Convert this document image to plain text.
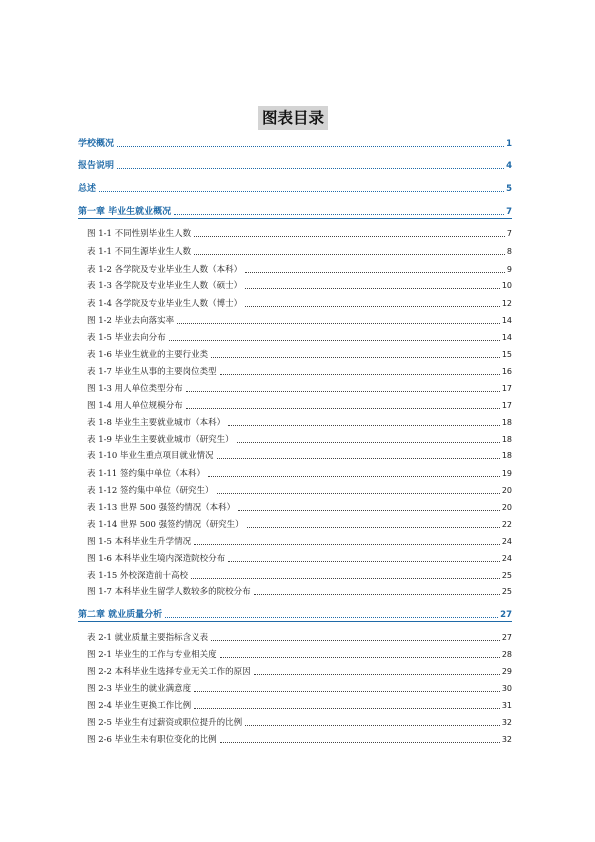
图表目录
学校概况	1
报告说明	4
总述	5
第一章 毕业生就业概况	7
图 1-1 不同性别毕业生人数	7
表 1-1 不同生源毕业生人数	8
表 1-2 各学院及专业毕业生人数（本科）	9
表 1-3 各学院及专业毕业生人数（硕士）	10
表 1-4 各学院及专业毕业生人数（博士）	12
图 1-2 毕业去向落实率	14
表 1-5 毕业去向分布	14
表 1-6 毕业生就业的主要行业类	15
表 1-7 毕业生从事的主要岗位类型	16
图 1-3 用人单位类型分布	17
图 1-4 用人单位规模分布	17
表 1-8 毕业生主要就业城市（本科）	18
表 1-9 毕业生主要就业城市（研究生）	18
表 1-10 毕业生重点项目就业情况	18
表 1-11 签约集中单位（本科）	19
表 1-12 签约集中单位（研究生）	20
表 1-13 世界 500 强签约情况（本科）	20
表 1-14 世界 500 强签约情况（研究生）	22
图 1-5 本科毕业生升学情况	24
图 1-6 本科毕业生境内深造院校分布	24
表 1-15 外校深造前十高校	25
图 1-7 本科毕业生留学人数较多的院校分布	25
第二章 就业质量分析	27
表 2-1 就业质量主要指标含义表	27
图 2-1 毕业生的工作与专业相关度	28
图 2-2 本科毕业生选择专业无关工作的原因	29
图 2-3 毕业生的就业满意度	30
图 2-4 毕业生更换工作比例	31
图 2-5 毕业生有过薪资或职位提升的比例	32
图 2-6 毕业生未有职位变化的比例	32
